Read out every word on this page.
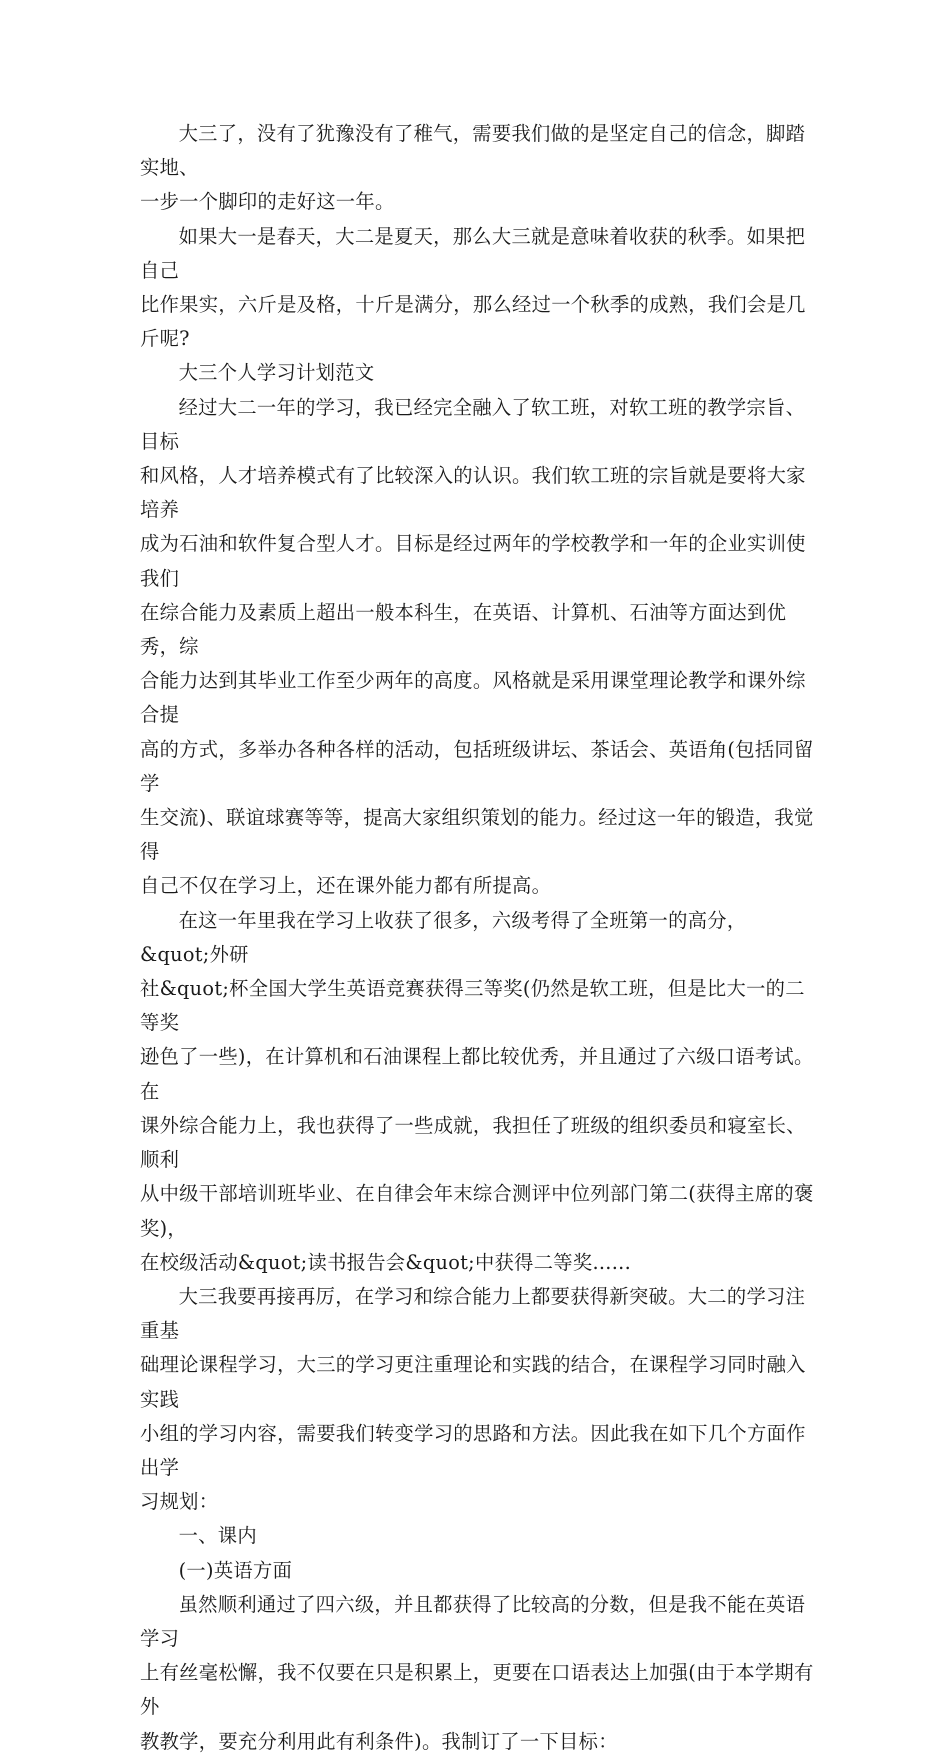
大三了，没有了犹豫没有了稚气，需要我们做的是坚定自己的信念，脚踏实地、
一步一个脚印的走好这一年。

如果大一是春天，大二是夏天，那么大三就是意味着收获的秋季。如果把自己
比作果实，六斤是及格，十斤是满分，那么经过一个秋季的成熟，我们会是几斤呢?

大三个人学习计划范文

经过大二一年的学习，我已经完全融入了软工班，对软工班的教学宗旨、目标
和风格，人才培养模式有了比较深入的认识。我们软工班的宗旨就是要将大家培养
成为石油和软件复合型人才。目标是经过两年的学校教学和一年的企业实训使我们
在综合能力及素质上超出一般本科生，在英语、计算机、石油等方面达到优秀，综
合能力达到其毕业工作至少两年的高度。风格就是采用课堂理论教学和课外综合提
高的方式，多举办各种各样的活动，包括班级讲坛、茶话会、英语角(包括同留学
生交流)、联谊球赛等等，提高大家组织策划的能力。经过这一年的锻造，我觉得
自己不仅在学习上，还在课外能力都有所提高。

在这一年里我在学习上收获了很多，六级考得了全班第一的高分，&quot;外研
社&quot;杯全国大学生英语竞赛获得三等奖(仍然是软工班，但是比大一的二等奖
逊色了一些)，在计算机和石油课程上都比较优秀，并且通过了六级口语考试。在
课外综合能力上，我也获得了一些成就，我担任了班级的组织委员和寝室长、顺利
从中级干部培训班毕业、在自律会年末综合测评中位列部门第二(获得主席的褒奖)，
在校级活动&quot;读书报告会&quot;中获得二等奖......

大三我要再接再厉，在学习和综合能力上都要获得新突破。大二的学习注重基
础理论课程学习，大三的学习更注重理论和实践的结合，在课程学习同时融入实践
小组的学习内容，需要我们转变学习的思路和方法。因此我在如下几个方面作出学
习规划：

一、课内

(一)英语方面

虽然顺利通过了四六级，并且都获得了比较高的分数，但是我不能在英语学习
上有丝毫松懈，我不仅要在只是积累上，更要在口语表达上加强(由于本学期有外
教教学，要充分利用此有利条件)。我制订了一下目标：
